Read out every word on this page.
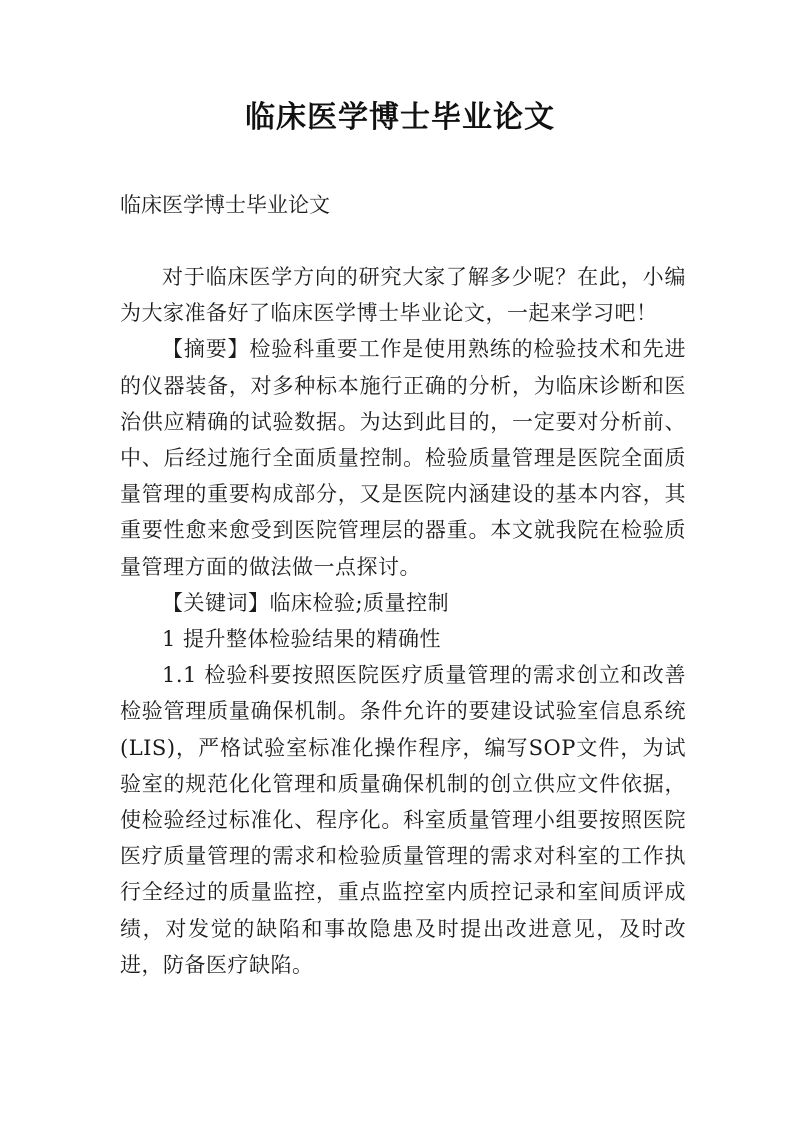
临床医学博士毕业论文
临床医学博士毕业论文

对于临床医学方向的研究大家了解多少呢？在此，小编为大家准备好了临床医学博士毕业论文，一起来学习吧！

【摘要】检验科重要工作是使用熟练的检验技术和先进的仪器装备，对多种标本施行正确的分析，为临床诊断和医治供应精确的试验数据。为达到此目的，一定要对分析前、中、后经过施行全面质量控制。检验质量管理是医院全面质量管理的重要构成部分，又是医院内涵建设的基本内容，其重要性愈来愈受到医院管理层的器重。本文就我院在检验质量管理方面的做法做一点探讨。

【关键词】临床检验;质量控制

1 提升整体检验结果的精确性

1.1 检验科要按照医院医疗质量管理的需求创立和改善检验管理质量确保机制。条件允许的要建设试验室信息系统(LIS)，严格试验室标准化操作程序，编写SOP文件，为试验室的规范化化管理和质量确保机制的创立供应文件依据，使检验经过标准化、程序化。科室质量管理小组要按照医院医疗质量管理的需求和检验质量管理的需求对科室的工作执行全经过的质量监控，重点监控室内质控记录和室间质评成绩，对发觉的缺陷和事故隐患及时提出改进意见，及时改进，防备医疗缺陷。
